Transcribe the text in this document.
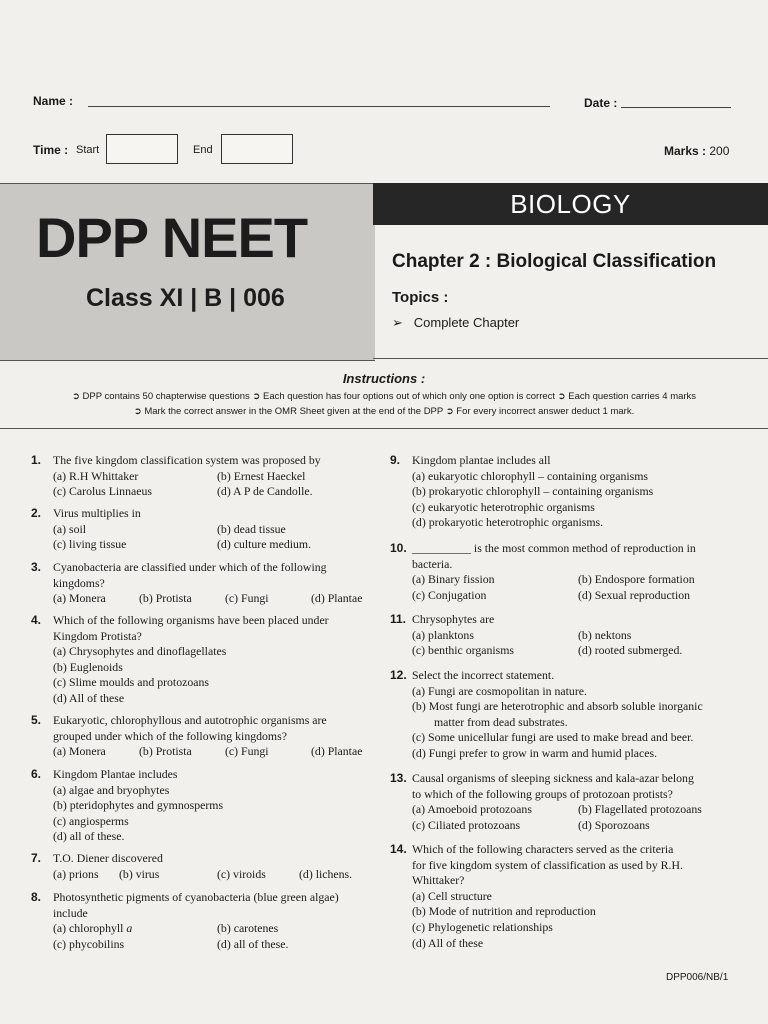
Name :	Date :
Time : Start	End	Marks : 200
BIOLOGY
DPP NEET
Class XI | B | 006
Chapter 2 : Biological Classification
Topics :
➢ Complete Chapter
Instructions :
➲ DPP contains 50 chapterwise questions ➲ Each question has four options out of which only one option is correct ➲ Each question carries 4 marks
➲ Mark the correct answer in the OMR Sheet given at the end of the DPP ➲ For every incorrect answer deduct 1 mark.
1. The five kingdom classification system was proposed by
(a) R.H Whittaker	(b) Ernest Haeckel
(c) Carolus Linnaeus	(d) A P de Candolle.
2. Virus multiplies in
(a) soil	(b) dead tissue
(c) living tissue	(d) culture medium.
3. Cyanobacteria are classified under which of the following
kingdoms?
(a) Monera	(b) Protista	(c) Fungi	(d) Plantae
4. Which of the following organisms have been placed under
Kingdom Protista?
(a) Chrysophytes and dinoflagellates
(b) Euglenoids
(c) Slime moulds and protozoans
(d) All of these
5. Eukaryotic, chlorophyllous and autotrophic organisms are
grouped under which of the following kingdoms?
(a) Monera	(b) Protista	(c) Fungi	(d) Plantae
6. Kingdom Plantae includes
(a) algae and bryophytes
(b) pteridophytes and gymnosperms
(c) angiosperms
(d) all of these.
7. T.O. Diener discovered
(a) prions	(b) virus	(c) viroids	(d) lichens.
8. Photosynthetic pigments of cyanobacteria (blue green algae)
include
(a) chlorophyll a	(b) carotenes
(c) phycobilins	(d) all of these.
9. Kingdom plantae includes all
(a) eukaryotic chlorophyll – containing organisms
(b) prokaryotic chlorophyll – containing organisms
(c) eukaryotic heterotrophic organisms
(d) prokaryotic heterotrophic organisms.
10. __________ is the most common method of reproduction in
bacteria.
(a) Binary fission	(b) Endospore formation
(c) Conjugation	(d) Sexual reproduction
11. Chrysophytes are
(a) planktons	(b) nektons
(c) benthic organisms	(d) rooted submerged.
12. Select the incorrect statement.
(a) Fungi are cosmopolitan in nature.
(b) Most fungi are heterotrophic and absorb soluble inorganic
matter from dead substrates.
(c) Some unicellular fungi are used to make bread and beer.
(d) Fungi prefer to grow in warm and humid places.
13. Causal organisms of sleeping sickness and kala-azar belong
to which of the following groups of protozoan protists?
(a) Amoeboid protozoans	(b) Flagellated protozoans
(c) Ciliated protozoans	(d) Sporozoans
14. Which of the following characters served as the criteria
for five kingdom system of classification as used by R.H.
Whittaker?
(a) Cell structure
(b) Mode of nutrition and reproduction
(c) Phylogenetic relationships
(d) All of these
DPP006/NB/1
